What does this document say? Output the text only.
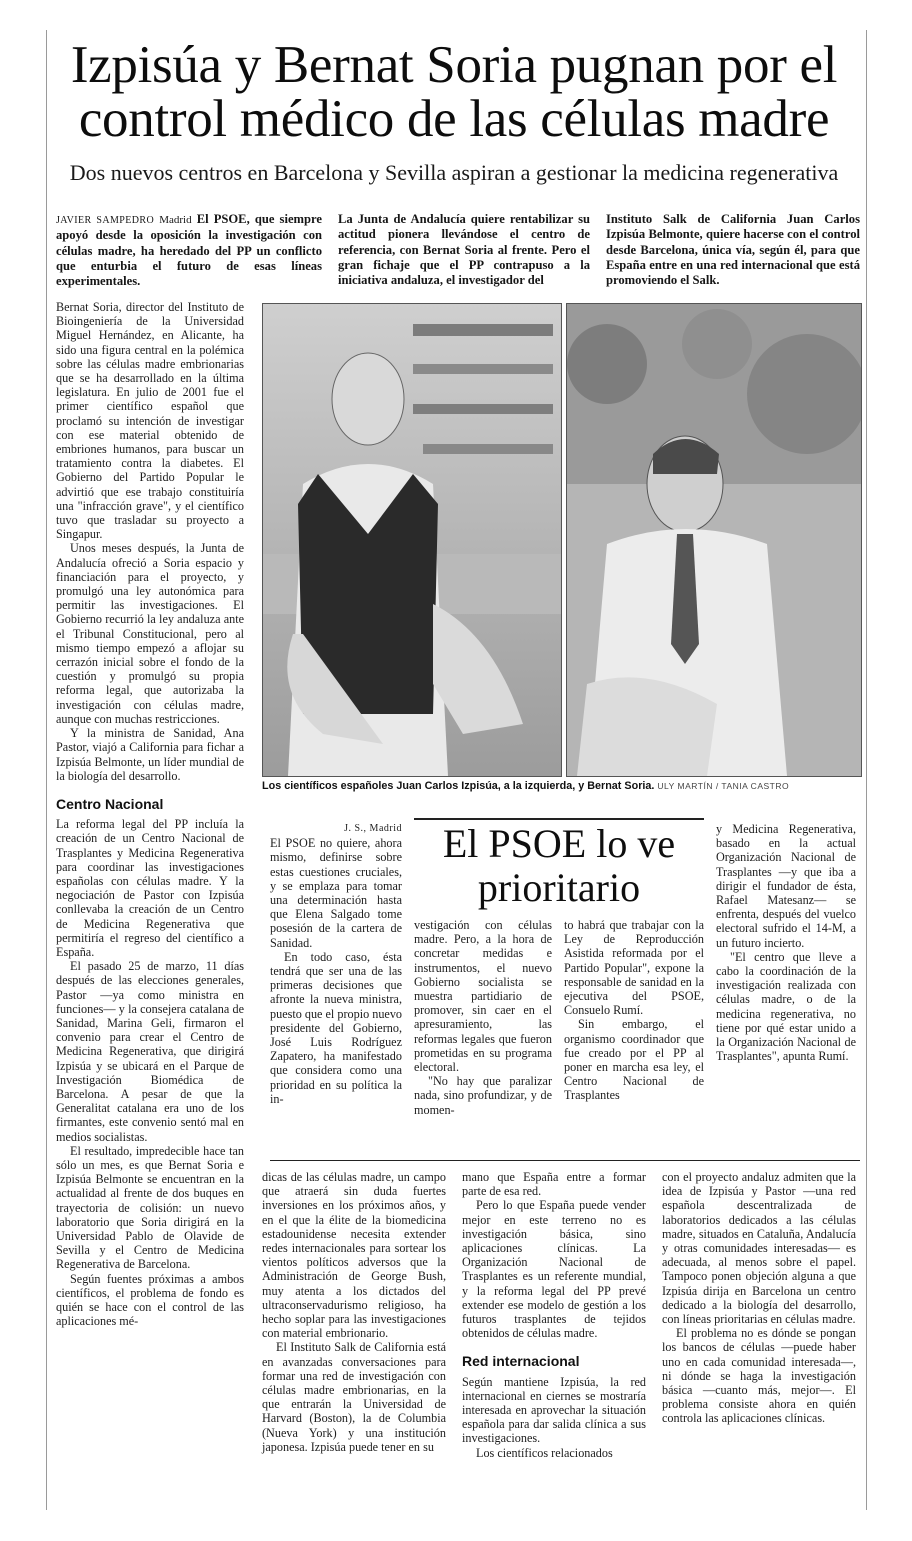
Izpisúa y Bernat Soria pugnan por el control médico de las células madre

Dos nuevos centros en Barcelona y Sevilla aspiran a gestionar la medicina regenerativa

JAVIER SAMPEDRO Madrid El PSOE, que siempre apoyó desde la oposición la investigación con células madre, ha heredado del PP un conflicto que enturbia el futuro de esas líneas experimentales.
La Junta de Andalucía quiere rentabilizar su actitud pionera llevándose el centro de referencia, con Bernat Soria al frente. Pero el gran fichaje que el PP contrapuso a la iniciativa andaluza, el investigador del
Instituto Salk de California Juan Carlos Izpisúa Belmonte, quiere hacerse con el control desde Barcelona, única vía, según él, para que España entre en una red internacional que está promoviendo el Salk.

Bernat Soria, director del Instituto de Bioingeniería de la Universidad Miguel Hernández, en Alicante, ha sido una figura central en la polémica sobre las células madre embrionarias que se ha desarrollado en la última legislatura. En julio de 2001 fue el primer científico español que proclamó su intención de investigar con ese material obtenido de embriones humanos, para buscar un tratamiento contra la diabetes. El Gobierno del Partido Popular le advirtió que ese trabajo constituiría una "infracción grave", y el científico tuvo que trasladar su proyecto a Singapur.

Unos meses después, la Junta de Andalucía ofreció a Soria espacio y financiación para el proyecto, y promulgó una ley autonómica para permitir las investigaciones. El Gobierno recurrió la ley andaluza ante el Tribunal Constitucional, pero al mismo tiempo empezó a aflojar su cerrazón inicial sobre el fondo de la cuestión y promulgó su propia reforma legal, que autorizaba la investigación con células madre, aunque con muchas restricciones.

Y la ministra de Sanidad, Ana Pastor, viajó a California para fichar a Izpisúa Belmonte, un líder mundial de la biología del desarrollo.

Centro Nacional

La reforma legal del PP incluía la creación de un Centro Nacional de Trasplantes y Medicina Regenerativa para coordinar las investigaciones españolas con células madre. Y la negociación de Pastor con Izpisúa conllevaba la creación de un Centro de Medicina Regenerativa que permitiría el regreso del científico a España.

El pasado 25 de marzo, 11 días después de las elecciones generales, Pastor —ya como ministra en funciones— y la consejera catalana de Sanidad, Marina Geli, firmaron el convenio para crear el Centro de Medicina Regenerativa, que dirigirá Izpisúa y se ubicará en el Parque de Investigación Biomédica de Barcelona. A pesar de que la Generalitat catalana era uno de los firmantes, este convenio sentó mal en medios socialistas.

El resultado, impredecible hace tan sólo un mes, es que Bernat Soria e Izpisúa Belmonte se encuentran en la actualidad al frente de dos buques en trayectoria de colisión: un nuevo laboratorio que Soria dirigirá en la Universidad Pablo de Olavide de Sevilla y el Centro de Medicina Regenerativa de Barcelona.

Según fuentes próximas a ambos científicos, el problema de fondo es quién se hace con el control de las aplicaciones mé-

Los científicos españoles Juan Carlos Izpisúa, a la izquierda, y Bernat Soria. ULY MARTÍN / TANIA CASTRO
J. S., Madrid

El PSOE no quiere, ahora mismo, definirse sobre estas cuestiones cruciales, y se emplaza para tomar una determinación hasta que Elena Salgado tome posesión de la cartera de Sanidad.

En todo caso, ésta tendrá que ser una de las primeras decisiones que afronte la nueva ministra, puesto que el propio nuevo presidente del Gobierno, José Luis Rodríguez Zapatero, ha manifestado que considera como una prioridad en su política la in-

El PSOE lo ve prioritario

vestigación con células madre. Pero, a la hora de concretar medidas e instrumentos, el nuevo Gobierno socialista se muestra partidiario de promover, sin caer en el apresuramiento, las reformas legales que fueron prometidas en su programa electoral.

"No hay que paralizar nada, sino profundizar, y de momen-

to habrá que trabajar con la Ley de Reproducción Asistida reformada por el Partido Popular", expone la responsable de sanidad en la ejecutiva del PSOE, Consuelo Rumí.

Sin embargo, el organismo coordinador que fue creado por el PP al poner en marcha esa ley, el Centro Nacional de Trasplantes

y Medicina Regenerativa, basado en la actual Organización Nacional de Trasplantes —y que iba a dirigir el fundador de ésta, Rafael Matesanz— se enfrenta, después del vuelco electoral sufrido el 14-M, a un futuro incierto.

"El centro que lleve a cabo la coordinación de la investigación realizada con células madre, o de la medicina regenerativa, no tiene por qué estar unido a la Organización Nacional de Trasplantes", apunta Rumí.

dicas de las células madre, un campo que atraerá sin duda fuertes inversiones en los próximos años, y en el que la élite de la biomedicina estadounidense necesita extender redes internacionales para sortear los vientos políticos adversos que la Administración de George Bush, muy atenta a los dictados del ultraconservadurismo religioso, ha hecho soplar para las investigaciones con material embrionario.

El Instituto Salk de California está en avanzadas conversaciones para formar una red de investigación con células madre embrionarias, en la que entrarán la Universidad de Harvard (Boston), la de Columbia (Nueva York) y una institución japonesa. Izpisúa puede tener en su

mano que España entre a formar parte de esa red.

Pero lo que España puede vender mejor en este terreno no es investigación básica, sino aplicaciones clínicas. La Organización Nacional de Trasplantes es un referente mundial, y la reforma legal del PP prevé extender ese modelo de gestión a los futuros trasplantes de tejidos obtenidos de células madre.

Red internacional

Según mantiene Izpisúa, la red internacional en ciernes se mostraría interesada en aprovechar la situación española para dar salida clínica a sus investigaciones.

Los científicos relacionados

con el proyecto andaluz admiten que la idea de Izpisúa y Pastor —una red española descentralizada de laboratorios dedicados a las células madre, situados en Cataluña, Andalucía y otras comunidades interesadas— es adecuada, al menos sobre el papel. Tampoco ponen objeción alguna a que Izpisúa dirija en Barcelona un centro dedicado a la biología del desarrollo, con líneas prioritarias en células madre.

El problema no es dónde se pongan los bancos de células —puede haber uno en cada comunidad interesada—, ni dónde se haga la investigación básica —cuanto más, mejor—. El problema consiste ahora en quién controla las aplicaciones clínicas.
